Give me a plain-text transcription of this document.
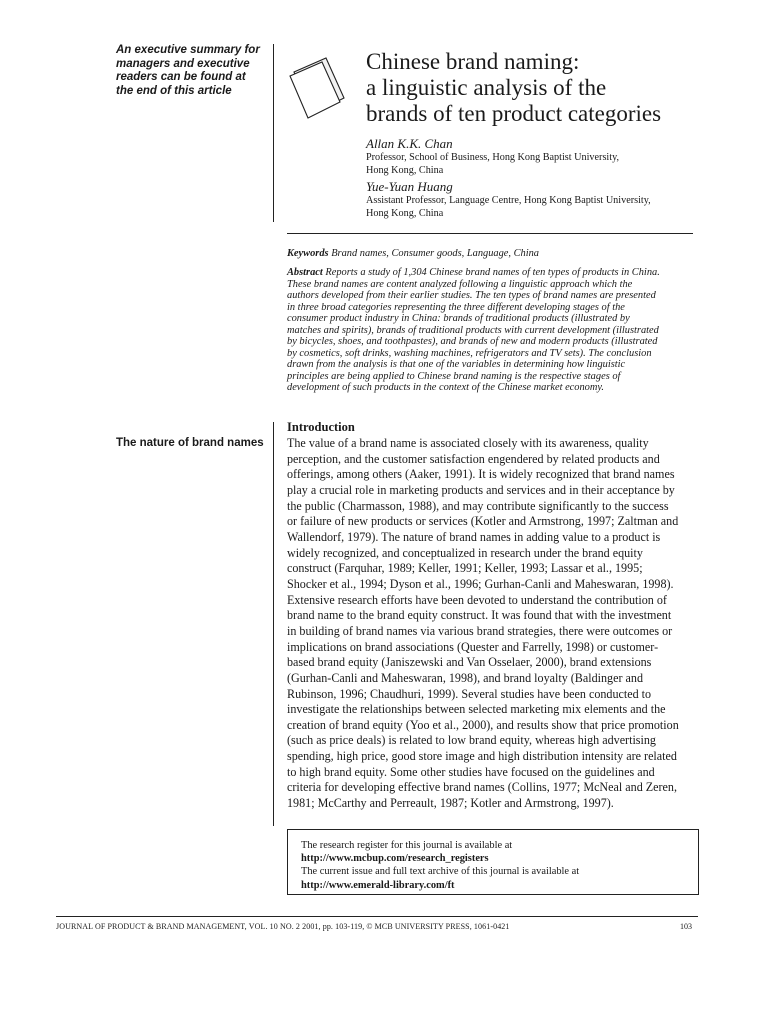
An executive summary for managers and executive readers can be found at the end of this article
Chinese brand naming:
a linguistic analysis of the
brands of ten product categories
Allan K.K. Chan
Professor, School of Business, Hong Kong Baptist University,
Hong Kong, China
Yue-Yuan Huang
Assistant Professor, Language Centre, Hong Kong Baptist University,
Hong Kong, China
Keywords Brand names, Consumer goods, Language, China
Abstract Reports a study of 1,304 Chinese brand names of ten types of products in China.
These brand names are content analyzed following a linguistic approach which the
authors developed from their earlier studies. The ten types of brand names are presented
in three broad categories representing the three different developing stages of the
consumer product industry in China: brands of traditional products (illustrated by
matches and spirits), brands of traditional products with current development (illustrated
by bicycles, shoes, and toothpastes), and brands of new and modern products (illustrated
by cosmetics, soft drinks, washing machines, refrigerators and TV sets). The conclusion
drawn from the analysis is that one of the variables in determining how linguistic
principles are being applied to Chinese brand naming is the respective stages of
development of such products in the context of the Chinese market economy.
Introduction
The nature of brand names The value of a brand name is associated closely with its awareness, quality
perception, and the customer satisfaction engendered by related products and
offerings, among others (Aaker, 1991). It is widely recognized that brand names
play a crucial role in marketing products and services and in their acceptance by
the public (Charmasson, 1988), and may contribute significantly to the success
or failure of new products or services (Kotler and Armstrong, 1997; Zaltman and
Wallendorf, 1979). The nature of brand names in adding value to a product is
widely recognized, and conceptualized in research under the brand equity
construct (Farquhar, 1989; Keller, 1991; Keller, 1993; Lassar et al., 1995;
Shocker et al., 1994; Dyson et al., 1996; Gurhan-Canli and Maheswaran, 1998).
Extensive research efforts have been devoted to understand the contribution of
brand name to the brand equity construct. It was found that with the investment
in building of brand names via various brand strategies, there were outcomes or
implications on brand associations (Quester and Farrelly, 1998) or customer-
based brand equity (Janiszewski and Van Osselaer, 2000), brand extensions
(Gurhan-Canli and Maheswaran, 1998), and brand loyalty (Baldinger and
Rubinson, 1996; Chaudhuri, 1999). Several studies have been conducted to
investigate the relationships between selected marketing mix elements and the
creation of brand equity (Yoo et al., 2000), and results show that price promotion
(such as price deals) is related to low brand equity, whereas high advertising
spending, high price, good store image and high distribution intensity are related
to high brand equity. Some other studies have focused on the guidelines and
criteria for developing effective brand names (Collins, 1977; McNeal and Zeren,
1981; McCarthy and Perreault, 1987; Kotler and Armstrong, 1997).
The research register for this journal is available at
http://www.mcbup.com/research_registers
The current issue and full text archive of this journal is available at
http://www.emerald-library.com/ft
JOURNAL OF PRODUCT & BRAND MANAGEMENT, VOL. 10 NO. 2 2001, pp. 103-119, © MCB UNIVERSITY PRESS, 1061-0421	103
